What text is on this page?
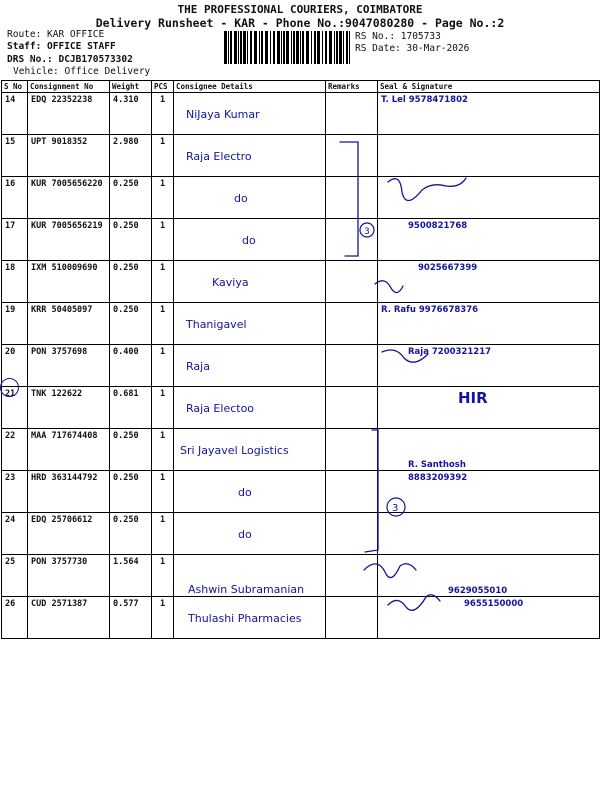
THE PROFESSIONAL COURIERS, COIMBATORE
Delivery Runsheet - KAR - Phone No.:9047080280 - Page No.:2
Route: KAR OFFICE
Staff: OFFICE STAFF
DRS No.: DCJB170573302
Vehicle: Office Delivery
RS No.: 1705733
RS Date: 30-Mar-2026
S No	Consignment No	Weight	PCS	Consignee Details	Remarks	Seal & Signature
14	EDQ 22352238	4.310	1	NiJaya Kumar		T. Lel 9578471802
15	UPT 9018352	2.980	1	Raja Electro		
16	KUR 7005656220	0.250	1	do		
17	KUR 7005656219	0.250	1	do		9500821768
18	IXM 510009690	0.250	1	Kaviya		9025667399
19	KRR 50405097	0.250	1	Thanigavel		R. Rafu 9976678376
20	PON 3757698	0.400	1	Raja		Raja 7200321217
21	TNK 122622	0.681	1	Raja Electoo		HIR
22	MAA 717674408	0.250	1	Sri Jayavel Logistics		R. Santhosh
23	HRD 363144792	0.250	1	do		8883209392
24	EDQ 25706612	0.250	1	do		
25	PON 3757730	1.564	1	Ashwin Subramanian		9629055010
26	CUD 2571387	0.577	1	Thulashi Pharmacies		9655150000
3
3
